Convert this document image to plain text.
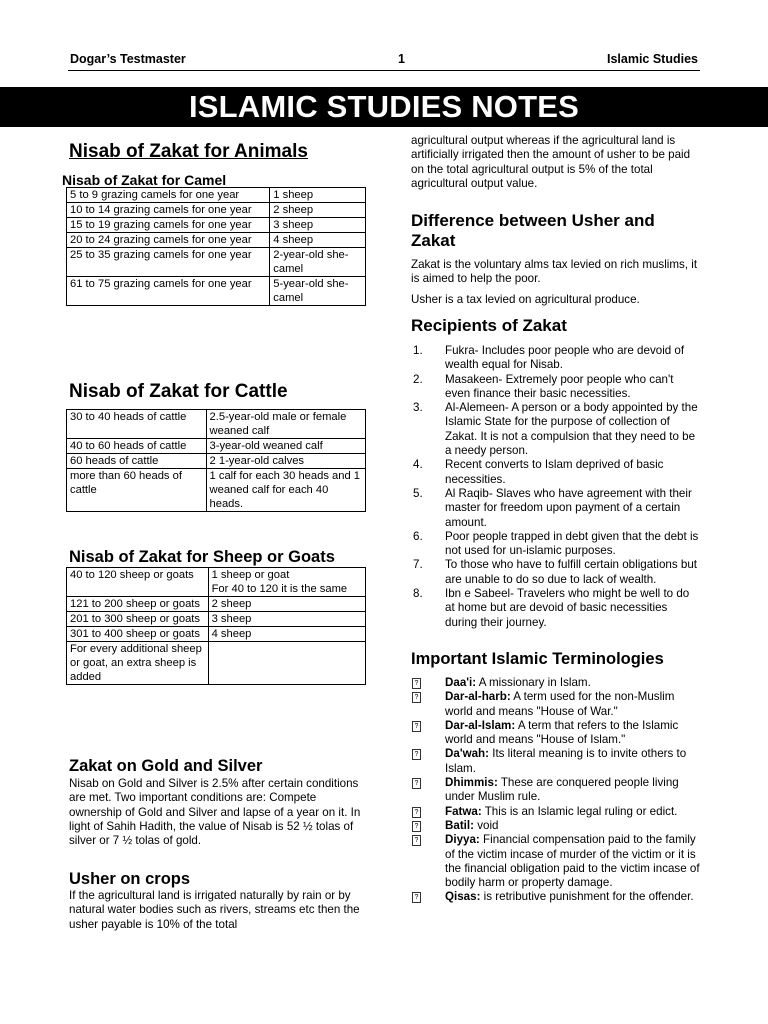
Dogar’s Testmaster	1	Islamic Studies
ISLAMIC STUDIES NOTES
Nisab of Zakat for Animals
Nisab of Zakat for Camel
5 to 9 grazing camels for one year	1 sheep
10 to 14 grazing camels for one year	2 sheep
15 to 19 grazing camels for one year	3 sheep
20 to 24 grazing camels for one year	4 sheep
25 to 35 grazing camels for one year	2-year-old she-camel
61 to 75 grazing camels for one year	5-year-old she-camel
Nisab of Zakat for Cattle
30 to 40 heads of cattle	2.5-year-old male or female weaned calf
40 to 60 heads of cattle	3-year-old weaned calf
60 heads of cattle	2 1-year-old calves
more than 60 heads of cattle	1 calf for each 30 heads and 1 weaned calf for each 40 heads.
Nisab of Zakat for Sheep or Goats
40 to 120 sheep or goats	1 sheep or goat
For 40 to 120 it is the same
121 to 200 sheep or goats	2 sheep
201 to 300 sheep or goats	3 sheep
301 to 400 sheep or goats	4 sheep
For every additional sheep or goat, an extra sheep is added	
Zakat on Gold and Silver
Nisab on Gold and Silver is 2.5% after certain conditions are met. Two important conditions are: Compete ownership of Gold and Silver and lapse of a year on it. In light of Sahih Hadith, the value of Nisab is 52 ½ tolas of silver or 7 ½ tolas of gold.
Usher on crops
If the agricultural land is irrigated naturally by rain or by natural water bodies such as rivers, streams etc then the usher payable is 10% of the total
agricultural output whereas if the agricultural land is artificially irrigated then the amount of usher to be paid on the total agricultural output is 5% of the total agricultural output value.
Difference between Usher and Zakat
Zakat is the voluntary alms tax levied on rich muslims, it is aimed to help the poor.
Usher is a tax levied on agricultural produce.
Recipients of Zakat
1. Fukra- Includes poor people who are devoid of wealth equal for Nisab.
2. Masakeen- Extremely poor people who can't even finance their basic necessities.
3. Al-Alemeen- A person or a body appointed by the Islamic State for the purpose of collection of Zakat. It is not a compulsion that they need to be a needy person.
4. Recent converts to Islam deprived of basic necessities.
5. Al Raqib- Slaves who have agreement with their master for freedom upon payment of a certain amount.
6. Poor people trapped in debt given that the debt is not used for un-islamic purposes.
7. To those who have to fulfill certain obligations but are unable to do so due to lack of wealth.
8. Ibn e Sabeel- Travelers who might be well to do at home but are devoid of basic necessities during their journey.
Important Islamic Terminologies
? Daa'i: A missionary in Islam.
? Dar-al-harb: A term used for the non-Muslim world and means "House of War."
? Dar-al-Islam: A term that refers to the Islamic world and means "House of Islam."
? Da'wah: Its literal meaning is to invite others to Islam.
? Dhimmis: These are conquered people living under Muslim rule.
? Fatwa: This is an Islamic legal ruling or edict.
? Batil: void
? Diyya: Financial compensation paid to the family of the victim incase of murder of the victim or it is the financial obligation paid to the victim incase of bodily harm or property damage.
? Qisas: is retributive punishment for the offender.
